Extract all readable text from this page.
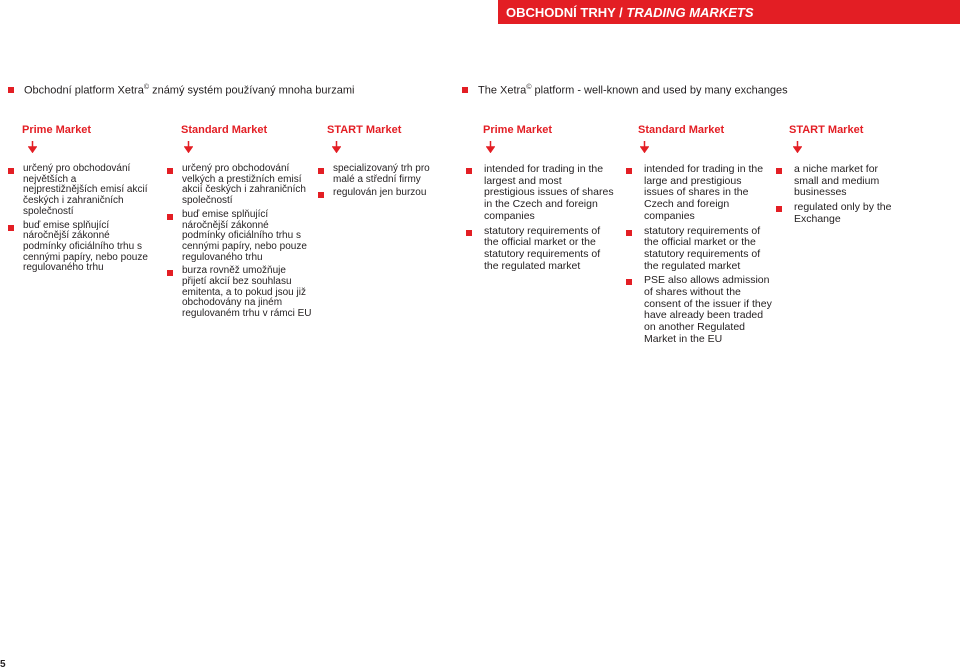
OBCHODNÍ TRHY / TRADING MARKETS
Obchodní platform Xetra© známý systém používaný mnoha burzami	The Xetra© platform - well-known and used by many exchanges
Prime Market
určený pro obchodování největších a nejprestižnějších emisí akcií českých i zahraničních společností
buď emise splňující náročnější zákonné podmínky oficiálního trhu s cennými papíry, nebo pouze regulovaného trhu
Standard Market
určený pro obchodování velkých a prestižních emisí akcií českých i zahraničních společností
buď emise splňující náročnější zákonné podmínky oficiálního trhu s cennými papíry, nebo pouze regulovaného trhu
burza rovněž umožňuje přijetí akcií bez souhlasu emitenta, a to pokud jsou již obchodovány na jiném regulovaném trhu v rámci EU
START Market
specializovaný trh pro malé a střední firmy
regulován jen burzou
Prime Market
intended for trading in the largest and most prestigious issues of shares in the Czech and foreign companies
statutory requirements of the official market or the statutory requirements of the regulated market
Standard Market
intended for trading in the large and prestigious issues of shares in the Czech and foreign companies
statutory requirements of the official market or the statutory requirements of the regulated market
PSE also allows admission of shares without the consent of the issuer if they have already been traded on another Regulated Market in the EU
START Market
a niche market for small and medium businesses
regulated only by the Exchange
5
